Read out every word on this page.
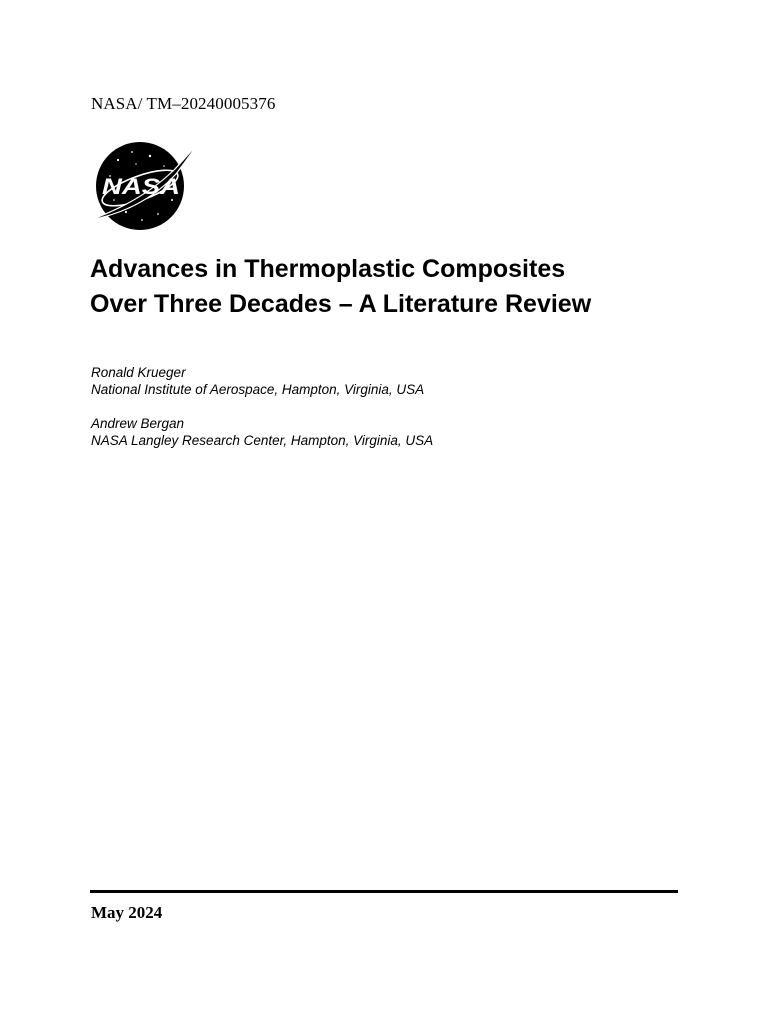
NASA/ TM–20240005376
NASA
Advances in Thermoplastic Composites
Over Three Decades – A Literature Review
Ronald Krueger
National Institute of Aerospace, Hampton, Virginia, USA
Andrew Bergan
NASA Langley Research Center, Hampton, Virginia, USA
May 2024
